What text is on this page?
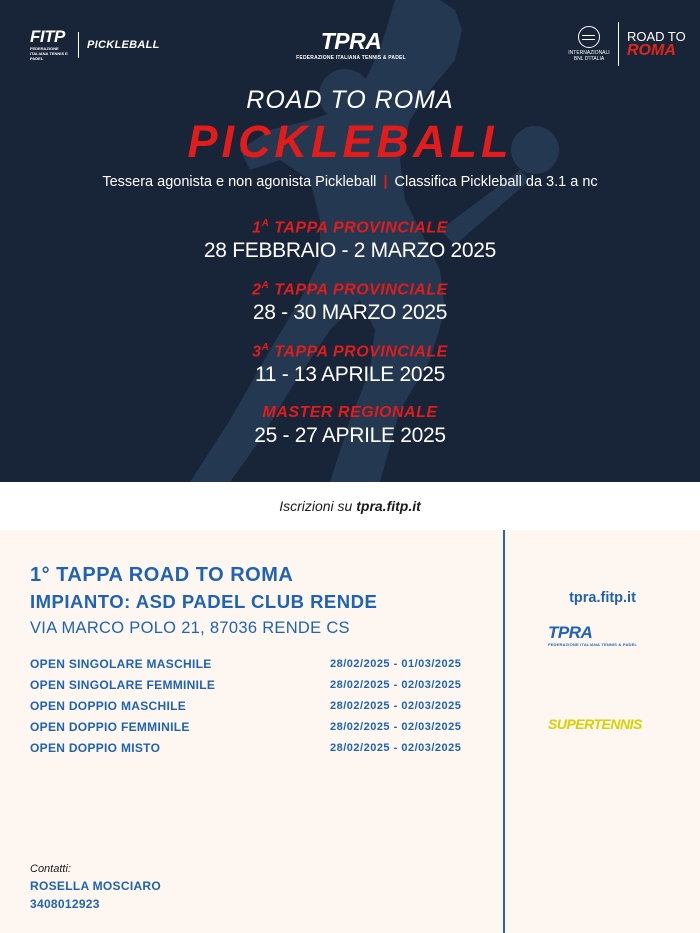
FITP
FEDERAZIONE ITALIANA TENNIS E PADEL
PICKLEBALL	TPRA
FEDERAZIONE ITALIANA TENNIS & PADEL
INTERNAZIONALI BNL D'ITALIA
ROAD TO
ROMA
ROAD TO ROMA
PICKLEBALL
Tessera agonista e non agonista Pickleball | Classifica Pickleball da 3.1 a nc
$1^A$ TAPPA PROVINCIALE
28 FEBBRAIO - 2 MARZO 2025
$2^A$ TAPPA PROVINCIALE
28 - 30 MARZO 2025
$3^A$ TAPPA PROVINCIALE
11 - 13 APRILE 2025
MASTER REGIONALE
25 - 27 APRILE 2025
Iscrizioni su tpra.fitp.it
1° TAPPA ROAD TO ROMA
IMPIANTO: ASD PADEL CLUB RENDE
VIA MARCO POLO 21, 87036 RENDE CS
OPEN SINGOLARE MASCHILE	28/02/2025 - 01/03/2025
OPEN SINGOLARE FEMMINILE	28/02/2025 - 02/03/2025
OPEN DOPPIO MASCHILE	28/02/2025 - 02/03/2025
OPEN DOPPIO FEMMINILE	28/02/2025 - 02/03/2025
OPEN DOPPIO MISTO	28/02/2025 - 02/03/2025
Contatti:
ROSELLA MOSCIARO
3408012923
tpra.fitp.it
TPRA
FEDERAZIONE ITALIANA TENNIS & PADEL
SUPERTENNIS
